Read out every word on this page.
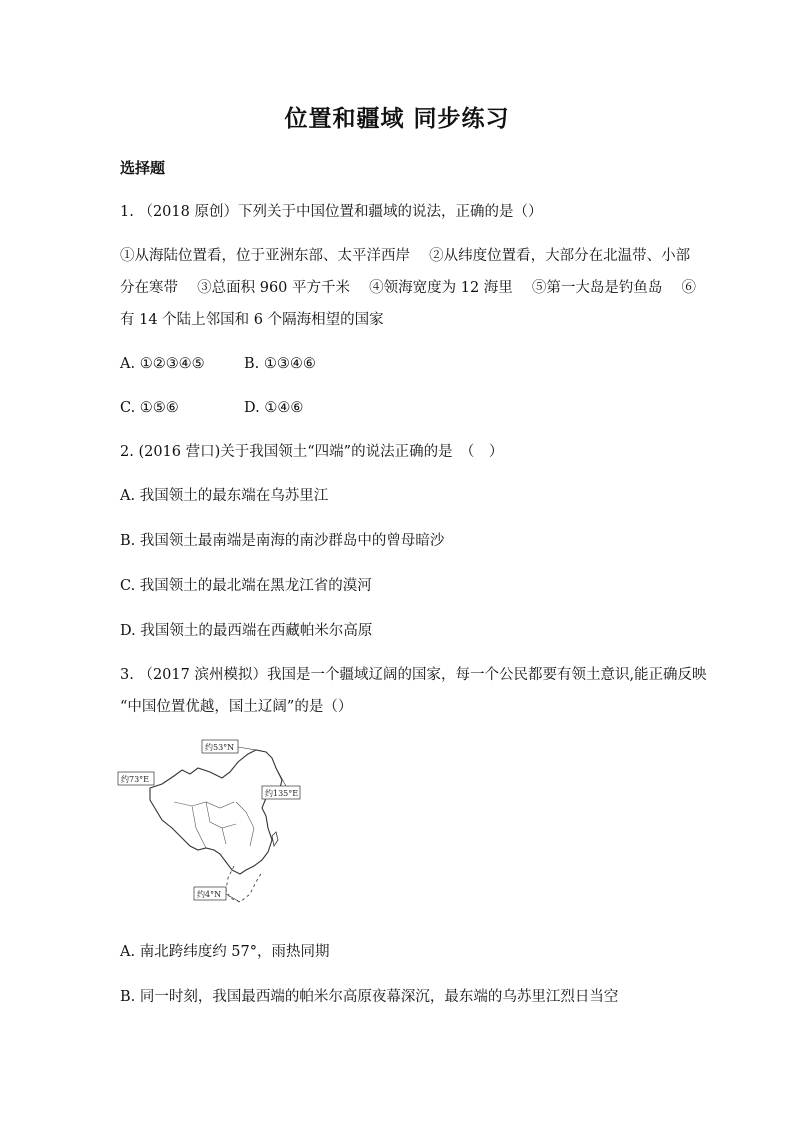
位置和疆域 同步练习
选择题
1. （2018 原创）下列关于中国位置和疆域的说法，正确的是（）
①从海陆位置看，位于亚洲东部、太平洋西岸　 ②从纬度位置看，大部分在北温带、小部
分在寒带　 ③总面积 960 平方千米　 ④领海宽度为 12 海里　 ⑤第一大岛是钓鱼岛　 ⑥
有 14 个陆上邻国和 6 个隔海相望的国家
A. ①②③④⑤	B. ①③④⑥
C. ①⑤⑥	D. ①④⑥
2. (2016 营口)关于我国领土“四端”的说法正确的是　（　）
A. 我国领土的最东端在乌苏里江
B. 我国领土最南端是南海的南沙群岛中的曾母暗沙
C. 我国领土的最北端在黑龙江省的漠河
D. 我国领土的最西端在西藏帕米尔高原
3. （2017 滨州模拟）我国是一个疆域辽阔的国家，每一个公民都要有领土意识,能正确反映
“中国位置优越，国土辽阔”的是（）
约53°N
约73°E
约135°E
约4°N
A. 南北跨纬度约 57°，雨热同期
B. 同一时刻，我国最西端的帕米尔高原夜幕深沉，最东端的乌苏里江烈日当空
